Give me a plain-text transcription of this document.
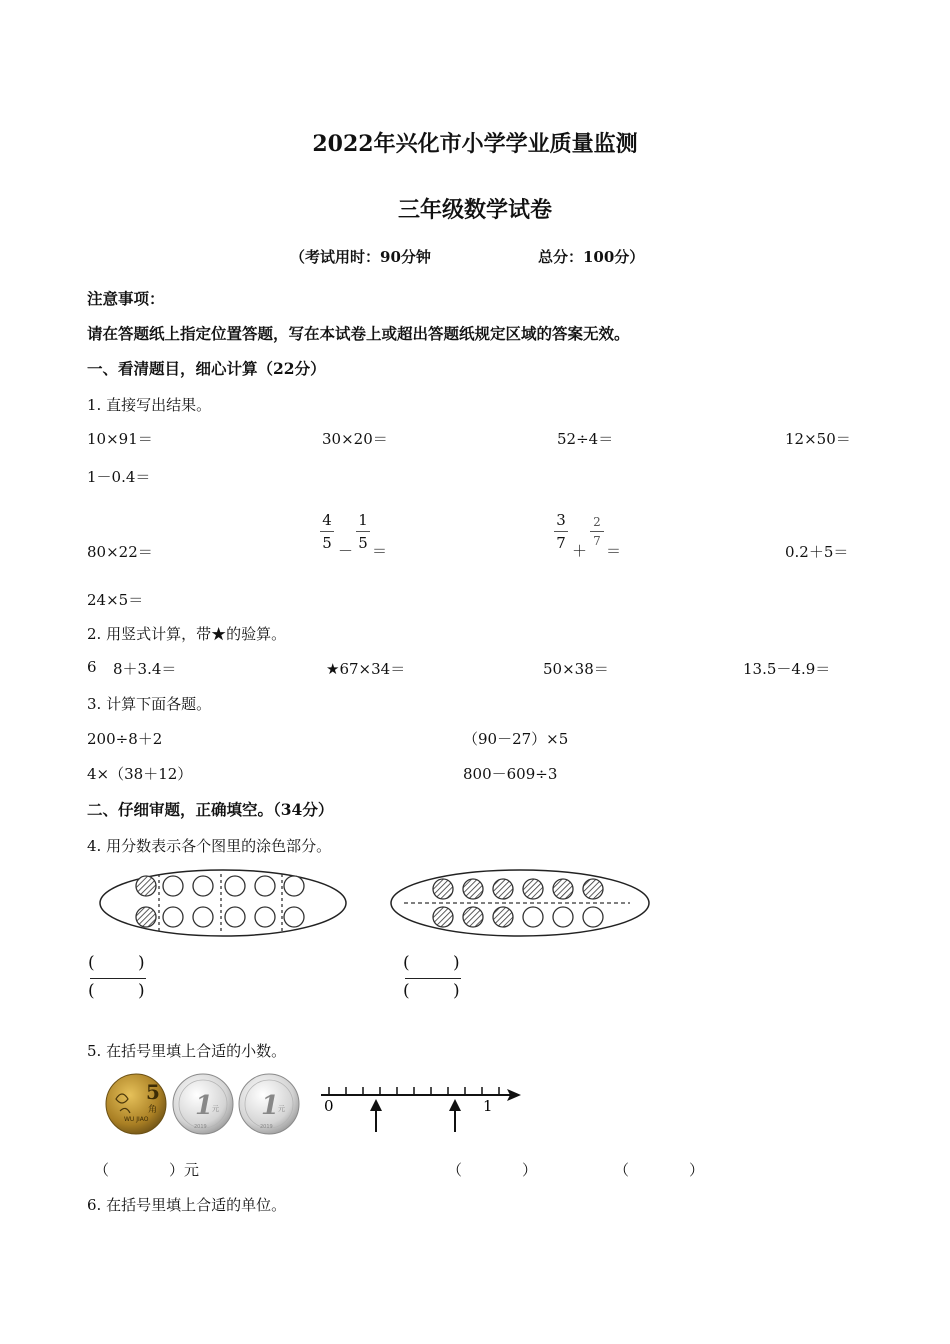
2022年兴化市小学学业质量监测
三年级数学试卷
（考试用时：90分钟	总分：100分）
注意事项：
请在答题纸上指定位置答题，写在本试卷上或超出答题纸规定区域的答案无效。
一、看清题目，细心计算（22分）
1. 直接写出结果。
10×91＝	30×20＝	52÷4＝	12×50＝
1－0.4＝
80×22＝	$\frac{4}{5} - \frac{1}{5}$ ＝	$\frac{3}{7}$ ＋
$\frac{2}{7}$
＝	0.2＋5＝
24×5＝
2. 用竖式计算，带★的验算。
6 8＋3.4＝	★67×34＝	50×38＝	13.5－4.9＝
3. 计算下面各题。
200÷8＋2	（90－27）×5
4×（38＋12）	800－609÷3
二、仔细审题，正确填空。（34分）
4. 用分数表示各个图里的涂色部分。
(	)
(	)
(	)
(	)
5. 在括号里填上合适的小数。
5
角
WU JIAO 1
元
2019
1
元
2019
0	1
（　　　　）元	（　　　　）	（　　　　）
6. 在括号里填上合适的单位。
